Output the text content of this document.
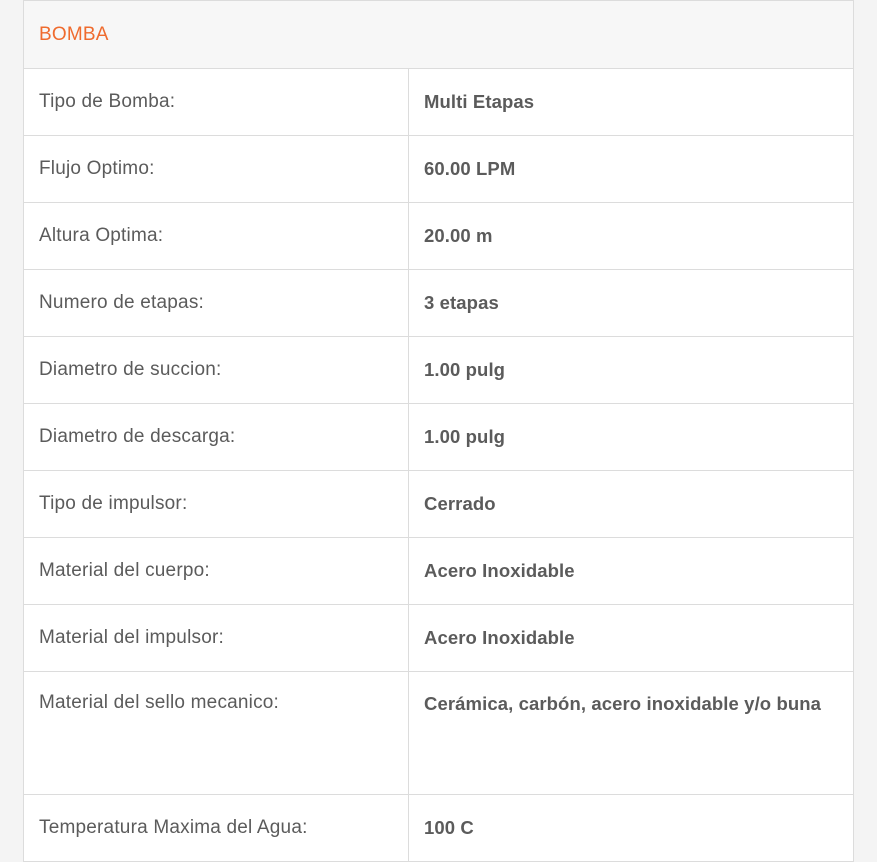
BOMBA	
Tipo de Bomba:	Multi Etapas
Flujo Optimo:	60.00 LPM
Altura Optima:	20.00 m
Numero de etapas:	3 etapas
Diametro de succion:	1.00 pulg
Diametro de descarga:	1.00 pulg
Tipo de impulsor:	Cerrado
Material del cuerpo:	Acero Inoxidable
Material del impulsor:	Acero Inoxidable
Material del sello mecanico:	Cerámica, carbón, acero inoxidable y/o buna
Temperatura Maxima del Agua:	100 C
